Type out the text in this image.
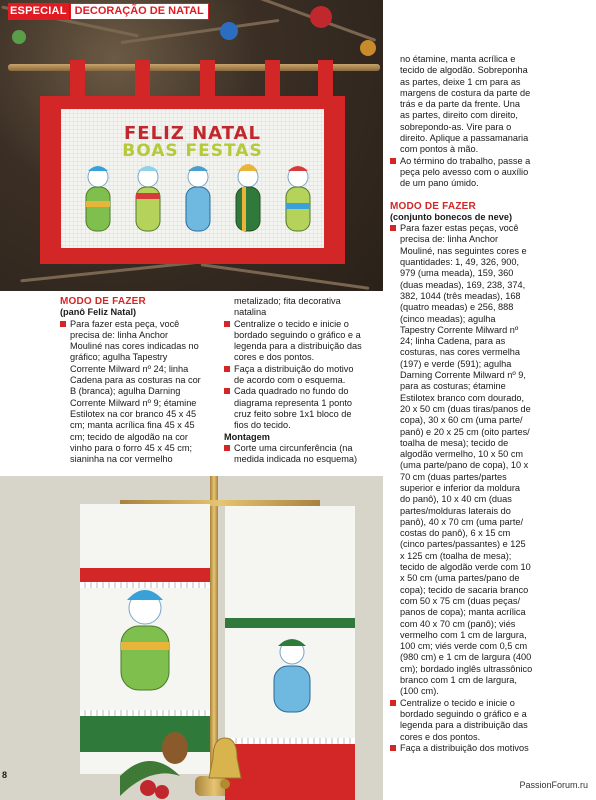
FELIZ NATAL
BOAS FESTAS
ESPECIAL DECORAÇÃO DE NATAL
MODO DE FAZER
(panô Feliz Natal)
Para fazer esta peça, você
precisa de: linha Anchor
Mouliné nas cores indicadas no
gráfico; agulha Tapestry
Corrente Milward nº 24; linha
Cadena para as costuras na cor
B (branca); agulha Darning
Corrente Milward nº 9; étamine
Estilotex na cor branco 45 x 45
cm; manta acrílica fina 45 x 45
cm; tecido de algodão na cor
vinho para o forro 45 x 45 cm;
sianinha na cor vermelho
metalizado; fita decorativa
natalina
Centralize o tecido e inicie o
bordado seguindo o gráfico e a
legenda para a distribuição das
cores e dos pontos.
Faça a distribuição do motivo
de acordo com o esquema.
Cada quadrado no fundo do
diagrama representa 1 ponto
cruz feito sobre 1x1 bloco de
fios do tecido.
Montagem
Corte uma circunferência (na
medida indicada no esquema)
no étamine, manta acrílica e
tecido de algodão. Sobreponha
as partes, deixe 1 cm para as
margens de costura da parte de
trás e da parte da frente. Una
as partes, direito com direito,
sobrepondo-as. Vire para o
direito. Aplique a passamanaria
com pontos à mão.
Ao término do trabalho, passe a
peça pelo avesso com o auxílio
de um pano úmido.
MODO DE FAZER
(conjunto bonecos de neve)
Para fazer estas peças, você
precisa de: linha Anchor
Mouliné, nas seguintes cores e
quantidades: 1, 49, 326, 900,
979 (uma meada), 159, 360
(duas meadas), 169, 238, 374,
382, 1044 (três meadas), 168
(quatro meadas) e 256, 888
(cinco meadas); agulha
Tapestry Corrente Milward nº
24; linha Cadena, para as
costuras, nas cores vermelha
(197) e verde (591); agulha
Darning Corrente Milward nº 9,
para as costuras; étamine
Estilotex branco com dourado,
20 x 50 cm (duas tiras/panos de
copa), 30 x 60 cm (uma parte/
panô) e 20 x 25 cm (oito partes/
toalha de mesa); tecido de
algodão vermelho, 10 x 50 cm
(uma parte/pano de copa), 10 x
70 cm (duas partes/partes
superior e inferior da moldura
do panô), 10 x 40 cm (duas
partes/molduras laterais do
panô), 40 x 70 cm (uma parte/
costas do panô), 6 x 15 cm
(cinco partes/passantes) e 125
x 125 cm (toalha de mesa);
tecido de algodão verde com 10
x 50 cm (uma partes/pano de
copa); tecido de sacaria branco
com 50 x 75 cm (duas peças/
panos de copa); manta acrílica
com 40 x 70 cm (panô); viés
vermelho com 1 cm de largura,
100 cm; viés verde com 0,5 cm
(980 cm) e 1 cm de largura (400
cm); bordado inglês ultrassônico
branco com 1 cm de largura,
(100 cm).
Centralize o tecido e inicie o
bordado seguindo o gráfico e a
legenda para a distribuição das
cores e dos pontos.
Faça a distribuição dos motivos
8
PassionForum.ru
